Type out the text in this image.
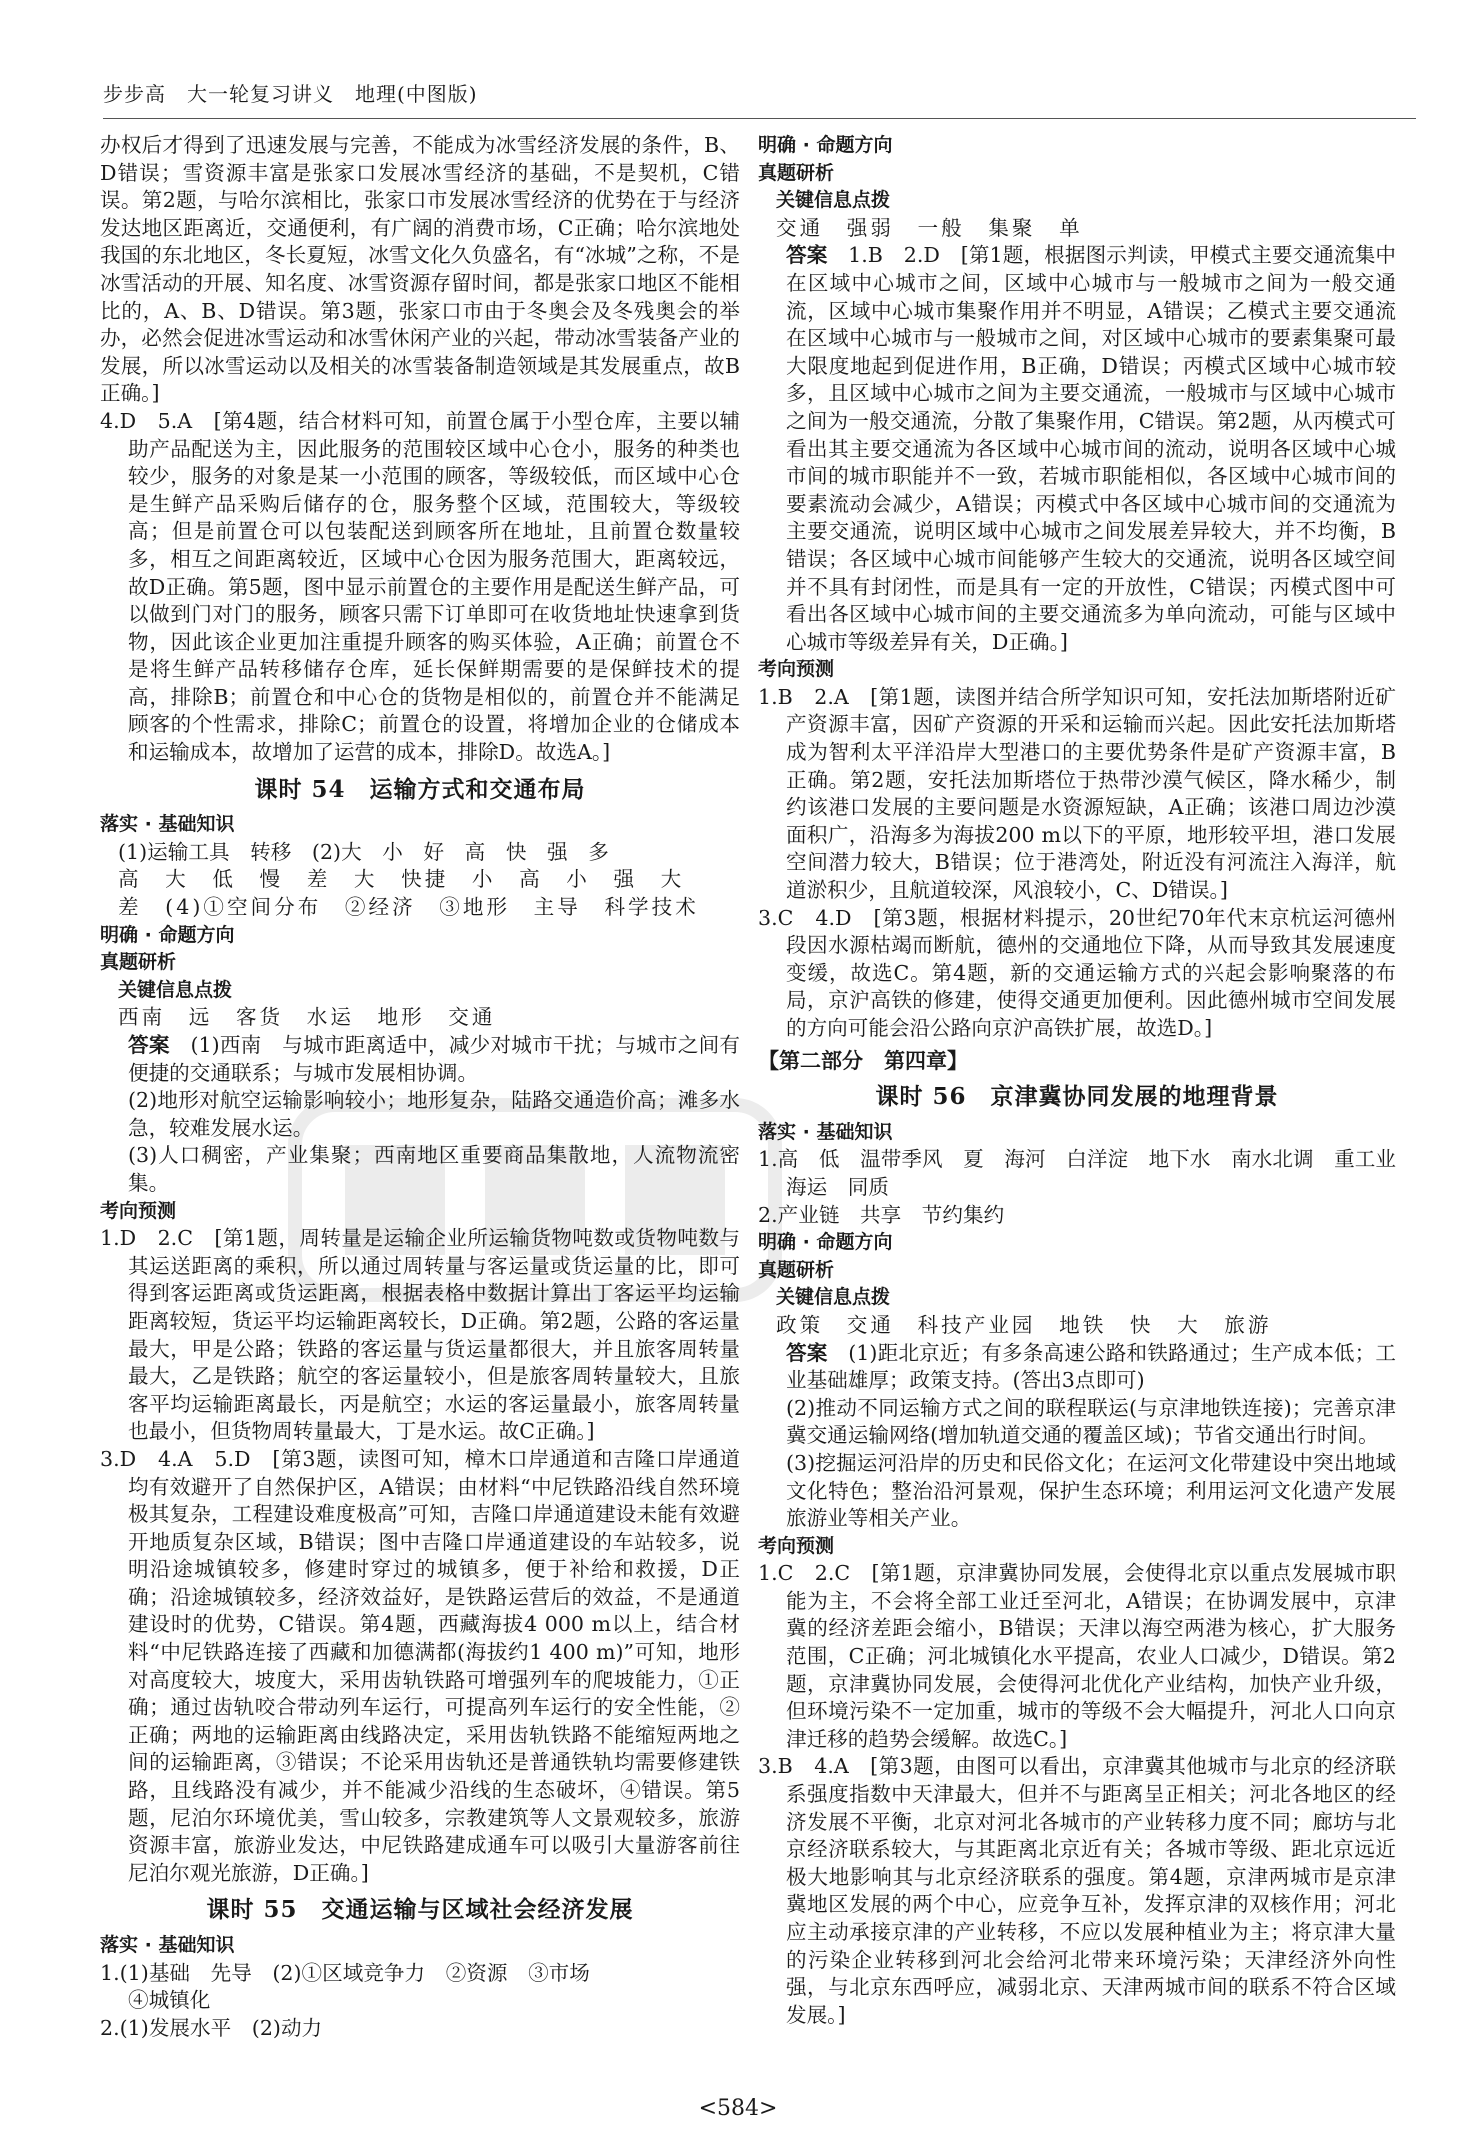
步步高　大一轮复习讲义　地理(中图版)

办权后才得到了迅速发展与完善，不能成为冰雪经济发展的条件，B、D错误；雪资源丰富是张家口发展冰雪经济的基础，不是契机，C错误。第2题，与哈尔滨相比，张家口市发展冰雪经济的优势在于与经济发达地区距离近，交通便利，有广阔的消费市场，C正确；哈尔滨地处我国的东北地区，冬长夏短，冰雪文化久负盛名，有“冰城”之称，不是冰雪活动的开展、知名度、冰雪资源存留时间，都是张家口地区不能相比的，A、B、D错误。第3题，张家口市由于冬奥会及冬残奥会的举办，必然会促进冰雪运动和冰雪休闲产业的兴起，带动冰雪装备产业的发展，所以冰雪运动以及相关的冰雪装备制造领域是其发展重点，故B正确。]

4.D　5.A　[第4题，结合材料可知，前置仓属于小型仓库，主要以辅助产品配送为主，因此服务的范围较区域中心仓小，服务的种类也较少，服务的对象是某一小范围的顾客，等级较低，而区域中心仓是生鲜产品采购后储存的仓，服务整个区域，范围较大，等级较高；但是前置仓可以包装配送到顾客所在地址，且前置仓数量较多，相互之间距离较近，区域中心仓因为服务范围大，距离较远，故D正确。第5题，图中显示前置仓的主要作用是配送生鲜产品，可以做到门对门的服务，顾客只需下订单即可在收货地址快速拿到货物，因此该企业更加注重提升顾客的购买体验，A正确；前置仓不是将生鲜产品转移储存仓库，延长保鲜期需要的是保鲜技术的提高，排除B；前置仓和中心仓的货物是相似的，前置仓并不能满足顾客的个性需求，排除C；前置仓的设置，将增加企业的仓储成本和运输成本，故增加了运营的成本，排除D。故选A。]

课时 54　运输方式和交通布局

落实 · 基础知识

(1)运输工具　转移　(2)大　小　好　高　快　强　多

高　大　低　慢　差　大　快捷　小　高　小　强　大

差　(4)①空间分布　②经济　③地形　主导　科学技术

明确 · 命题方向

真题研析

关键信息点拨

西南　远　客货　水运　地形　交通

答案　 (1)西南　与城市距离适中，减少对城市干扰；与城市之间有便捷的交通联系；与城市发展相协调。

(2)地形对航空运输影响较小；地形复杂，陆路交通造价高；滩多水急，较难发展水运。

(3)人口稠密，产业集聚；西南地区重要商品集散地，人流物流密集。

考向预测

1.D　2.C　[第1题，周转量是运输企业所运输货物吨数或货物吨数与其运送距离的乘积，所以通过周转量与客运量或货运量的比，即可得到客运距离或货运距离，根据表格中数据计算出丁客运平均运输距离较短，货运平均运输距离较长，D正确。第2题，公路的客运量最大，甲是公路；铁路的客运量与货运量都很大，并且旅客周转量最大，乙是铁路；航空的客运量较小，但是旅客周转量较大，且旅客平均运输距离最长，丙是航空；水运的客运量最小，旅客周转量也最小，但货物周转量最大，丁是水运。故C正确。]

3.D　4.A　5.D　[第3题，读图可知，樟木口岸通道和吉隆口岸通道均有效避开了自然保护区，A错误；由材料“中尼铁路沿线自然环境极其复杂，工程建设难度极高”可知，吉隆口岸通道建设未能有效避开地质复杂区域，B错误；图中吉隆口岸通道建设的车站较多，说明沿途城镇较多，修建时穿过的城镇多，便于补给和救援，D正确；沿途城镇较多，经济效益好，是铁路运营后的效益，不是通道建设时的优势，C错误。第4题，西藏海拔4 000 m以上，结合材料“中尼铁路连接了西藏和加德满都(海拔约1 400 m)”可知，地形对高度较大，坡度大，采用齿轨铁路可增强列车的爬坡能力，①正确；通过齿轨咬合带动列车运行，可提高列车运行的安全性能，②正确；两地的运输距离由线路决定，采用齿轨铁路不能缩短两地之间的运输距离，③错误；不论采用齿轨还是普通铁轨均需要修建铁路，且线路没有减少，并不能减少沿线的生态破坏，④错误。第5题，尼泊尔环境优美，雪山较多，宗教建筑等人文景观较多，旅游资源丰富，旅游业发达，中尼铁路建成通车可以吸引大量游客前往尼泊尔观光旅游，D正确。]

课时 55　交通运输与区域社会经济发展

落实 · 基础知识

1.(1)基础　先导　(2)①区域竞争力　②资源　③市场

④城镇化

2.(1)发展水平　(2)动力

明确 · 命题方向

真题研析

关键信息点拨

交通　强弱　一般　集聚　单

答案　 1.B　2.D　[第1题，根据图示判读，甲模式主要交通流集中在区域中心城市之间，区域中心城市与一般城市之间为一般交通流，区域中心城市集聚作用并不明显，A错误；乙模式主要交通流在区域中心城市与一般城市之间，对区域中心城市的要素集聚可最大限度地起到促进作用，B正确，D错误；丙模式区域中心城市较多，且区域中心城市之间为主要交通流，一般城市与区域中心城市之间为一般交通流，分散了集聚作用，C错误。第2题，从丙模式可看出其主要交通流为各区域中心城市间的流动，说明各区域中心城市间的城市职能并不一致，若城市职能相似，各区域中心城市间的要素流动会减少，A错误；丙模式中各区域中心城市间的交通流为主要交通流，说明区域中心城市之间发展差异较大，并不均衡，B错误；各区域中心城市间能够产生较大的交通流，说明各区域空间并不具有封闭性，而是具有一定的开放性，C错误；丙模式图中可看出各区域中心城市间的主要交通流多为单向流动，可能与区域中心城市等级差异有关，D正确。]

考向预测

1.B　2.A　[第1题，读图并结合所学知识可知，安托法加斯塔附近矿产资源丰富，因矿产资源的开采和运输而兴起。因此安托法加斯塔成为智利太平洋沿岸大型港口的主要优势条件是矿产资源丰富，B正确。第2题，安托法加斯塔位于热带沙漠气候区，降水稀少，制约该港口发展的主要问题是水资源短缺，A正确；该港口周边沙漠面积广，沿海多为海拔200 m以下的平原，地形较平坦，港口发展空间潜力较大，B错误；位于港湾处，附近没有河流注入海洋，航道淤积少，且航道较深，风浪较小，C、D错误。]

3.C　4.D　[第3题，根据材料提示，20世纪70年代末京杭运河德州段因水源枯竭而断航，德州的交通地位下降，从而导致其发展速度变缓，故选C。第4题，新的交通运输方式的兴起会影响聚落的布局，京沪高铁的修建，使得交通更加便利。因此德州城市空间发展的方向可能会沿公路向京沪高铁扩展，故选D。]

【第二部分　第四章】
课时 56　京津冀协同发展的地理背景

落实 · 基础知识

1.高　低　温带季风　夏　海河　白洋淀　地下水　南水北调　重工业　海运　同质

2.产业链　共享　节约集约

明确 · 命题方向

真题研析

关键信息点拨

政策　交通　科技产业园　地铁　快　大　旅游

答案　 (1)距北京近；有多条高速公路和铁路通过；生产成本低；工业基础雄厚；政策支持。(答出3点即可)

(2)推动不同运输方式之间的联程联运(与京津地铁连接)；完善京津冀交通运输网络(增加轨道交通的覆盖区域)；节省交通出行时间。

(3)挖掘运河沿岸的历史和民俗文化；在运河文化带建设中突出地域文化特色；整治沿河景观，保护生态环境；利用运河文化遗产发展旅游业等相关产业。

考向预测

1.C　2.C　[第1题，京津冀协同发展，会使得北京以重点发展城市职能为主，不会将全部工业迁至河北，A错误；在协调发展中，京津冀的经济差距会缩小，B错误；天津以海空两港为核心，扩大服务范围，C正确；河北城镇化水平提高，农业人口减少，D错误。第2题，京津冀协同发展，会使得河北优化产业结构，加快产业升级，但环境污染不一定加重，城市的等级不会大幅提升，河北人口向京津迁移的趋势会缓解。故选C。]

3.B　4.A　[第3题，由图可以看出，京津冀其他城市与北京的经济联系强度指数中天津最大，但并不与距离呈正相关；河北各地区的经济发展不平衡，北京对河北各城市的产业转移力度不同；廊坊与北京经济联系较大，与其距离北京近有关；各城市等级、距北京远近极大地影响其与北京经济联系的强度。第4题，京津两城市是京津冀地区发展的两个中心，应竞争互补，发挥京津的双核作用；河北应主动承接京津的产业转移，不应以发展种植业为主；将京津大量的污染企业转移到河北会给河北带来环境污染；天津经济外向性强，与北京东西呼应，减弱北京、天津两城市间的联系不符合区域发展。]

<584>
